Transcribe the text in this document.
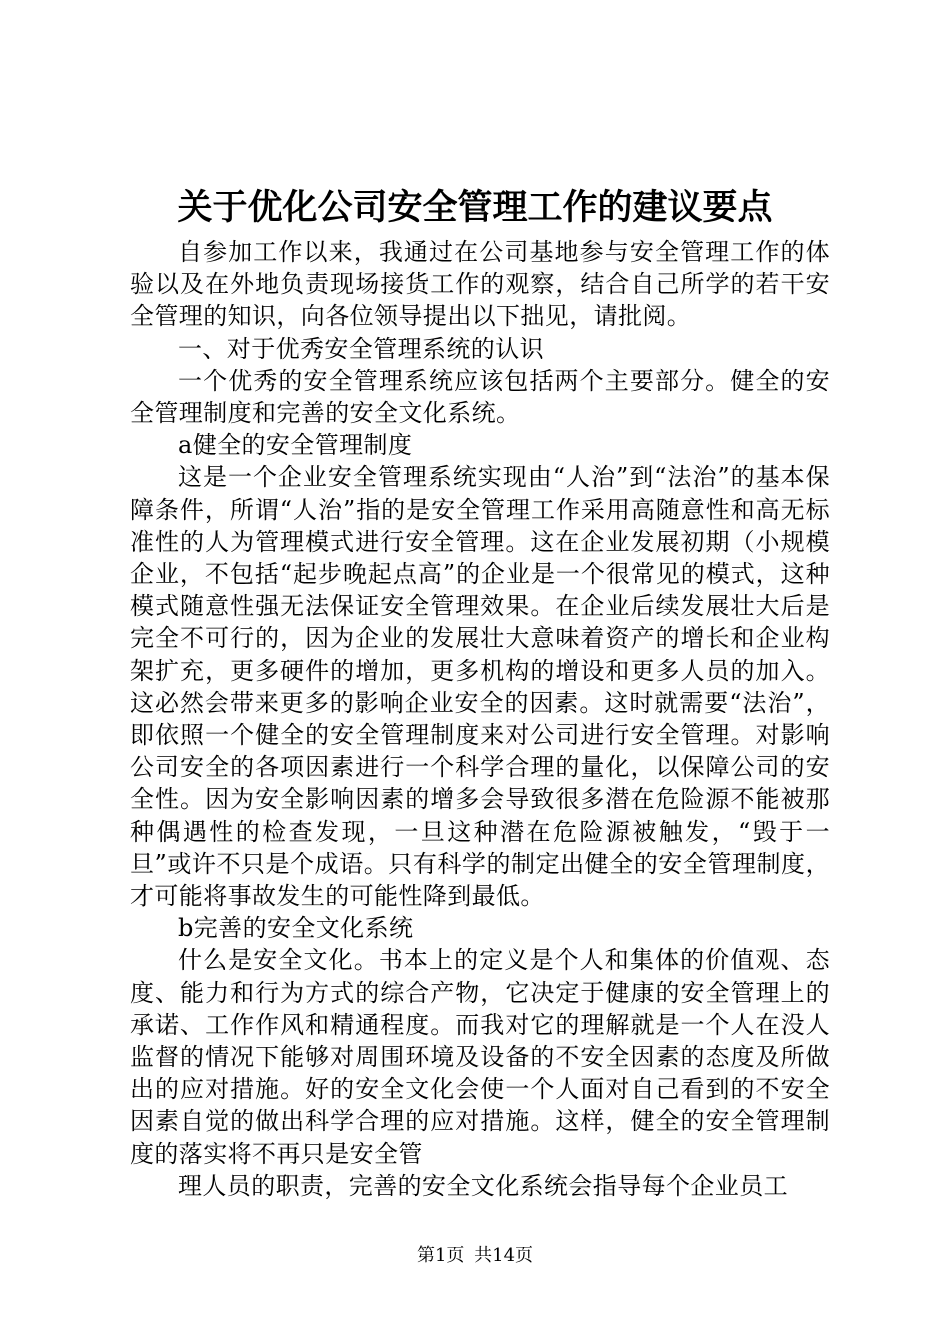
关于优化公司安全管理工作的建议要点

自参加工作以来，我通过在公司基地参与安全管理工作的体验以及在外地负责现场接货工作的观察，结合自己所学的若干安全管理的知识，向各位领导提出以下拙见，请批阅。

一、对于优秀安全管理系统的认识

一个优秀的安全管理系统应该包括两个主要部分。健全的安全管理制度和完善的安全文化系统。

a健全的安全管理制度

这是一个企业安全管理系统实现由“人治”到“法治”的基本保障条件，所谓“人治”指的是安全管理工作采用高随意性和高无标准性的人为管理模式进行安全管理。这在企业发展初期（小规模企业，不包括“起步晚起点高”的企业是一个很常见的模式，这种模式随意性强无法保证安全管理效果。在企业后续发展壮大后是完全不可行的，因为企业的发展壮大意味着资产的增长和企业构架扩充，更多硬件的增加，更多机构的增设和更多人员的加入。这必然会带来更多的影响企业安全的因素。这时就需要“法治”，即依照一个健全的安全管理制度来对公司进行安全管理。对影响公司安全的各项因素进行一个科学合理的量化，以保障公司的安全性。因为安全影响因素的增多会导致很多潜在危险源不能被那种偶遇性的检查发现，一旦这种潜在危险源被触发，“毁于一旦”或许不只是个成语。只有科学的制定出健全的安全管理制度，才可能将事故发生的可能性降到最低。

b完善的安全文化系统

什么是安全文化。书本上的定义是个人和集体的价值观、态度、能力和行为方式的综合产物，它决定于健康的安全管理上的承诺、工作作风和精通程度。而我对它的理解就是一个人在没人监督的情况下能够对周围环境及设备的不安全因素的态度及所做出的应对措施。好的安全文化会使一个人面对自己看到的不安全因素自觉的做出科学合理的应对措施。这样，健全的安全管理制度的落实将不再只是安全管

理人员的职责，完善的安全文化系统会指导每个企业员工

第1页 共14页
